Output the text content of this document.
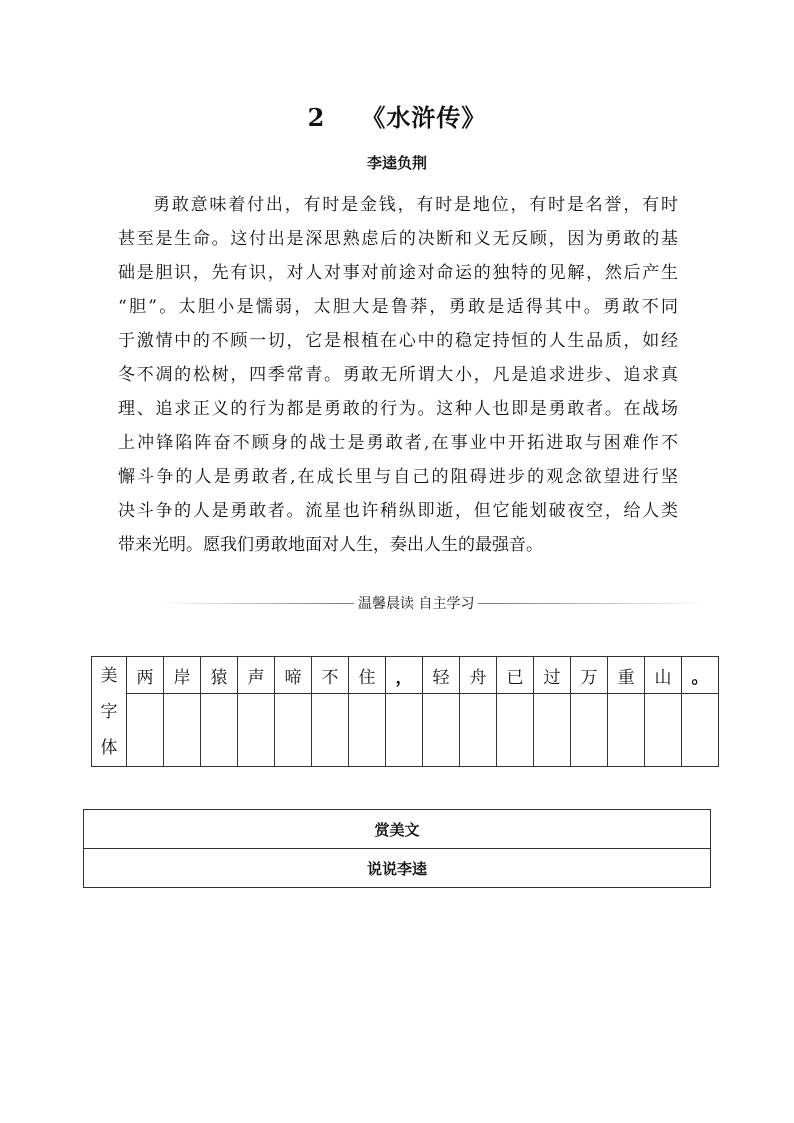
2 《水浒传》
李逵负荆

勇敢意味着付出，有时是金钱，有时是地位，有时是名誉，有时
甚至是生命。这付出是深思熟虑后的决断和义无反顾，因为勇敢的基
础是胆识，先有识，对人对事对前途对命运的独特的见解，然后产生
“胆”。太胆小是懦弱，太胆大是鲁莽，勇敢是适得其中。勇敢不同
于激情中的不顾一切，它是根植在心中的稳定持恒的人生品质，如经
冬不凋的松树，四季常青。勇敢无所谓大小，凡是追求进步、追求真
理、追求正义的行为都是勇敢的行为。这种人也即是勇敢者。在战场
上冲锋陷阵奋不顾身的战士是勇敢者,在事业中开拓进取与困难作不
懈斗争的人是勇敢者,在成长里与自己的阻碍进步的观念欲望进行坚
决斗争的人是勇敢者。流星也许稍纵即逝，但它能划破夜空，给人类
带来光明。愿我们勇敢地面对人生，奏出人生的最强音。

温馨晨读 自主学习
美
字
体	两	岸	猿	声	啼	不	住	，	轻	舟	已	过	万	重	山	。

赏美文
说说李逵
